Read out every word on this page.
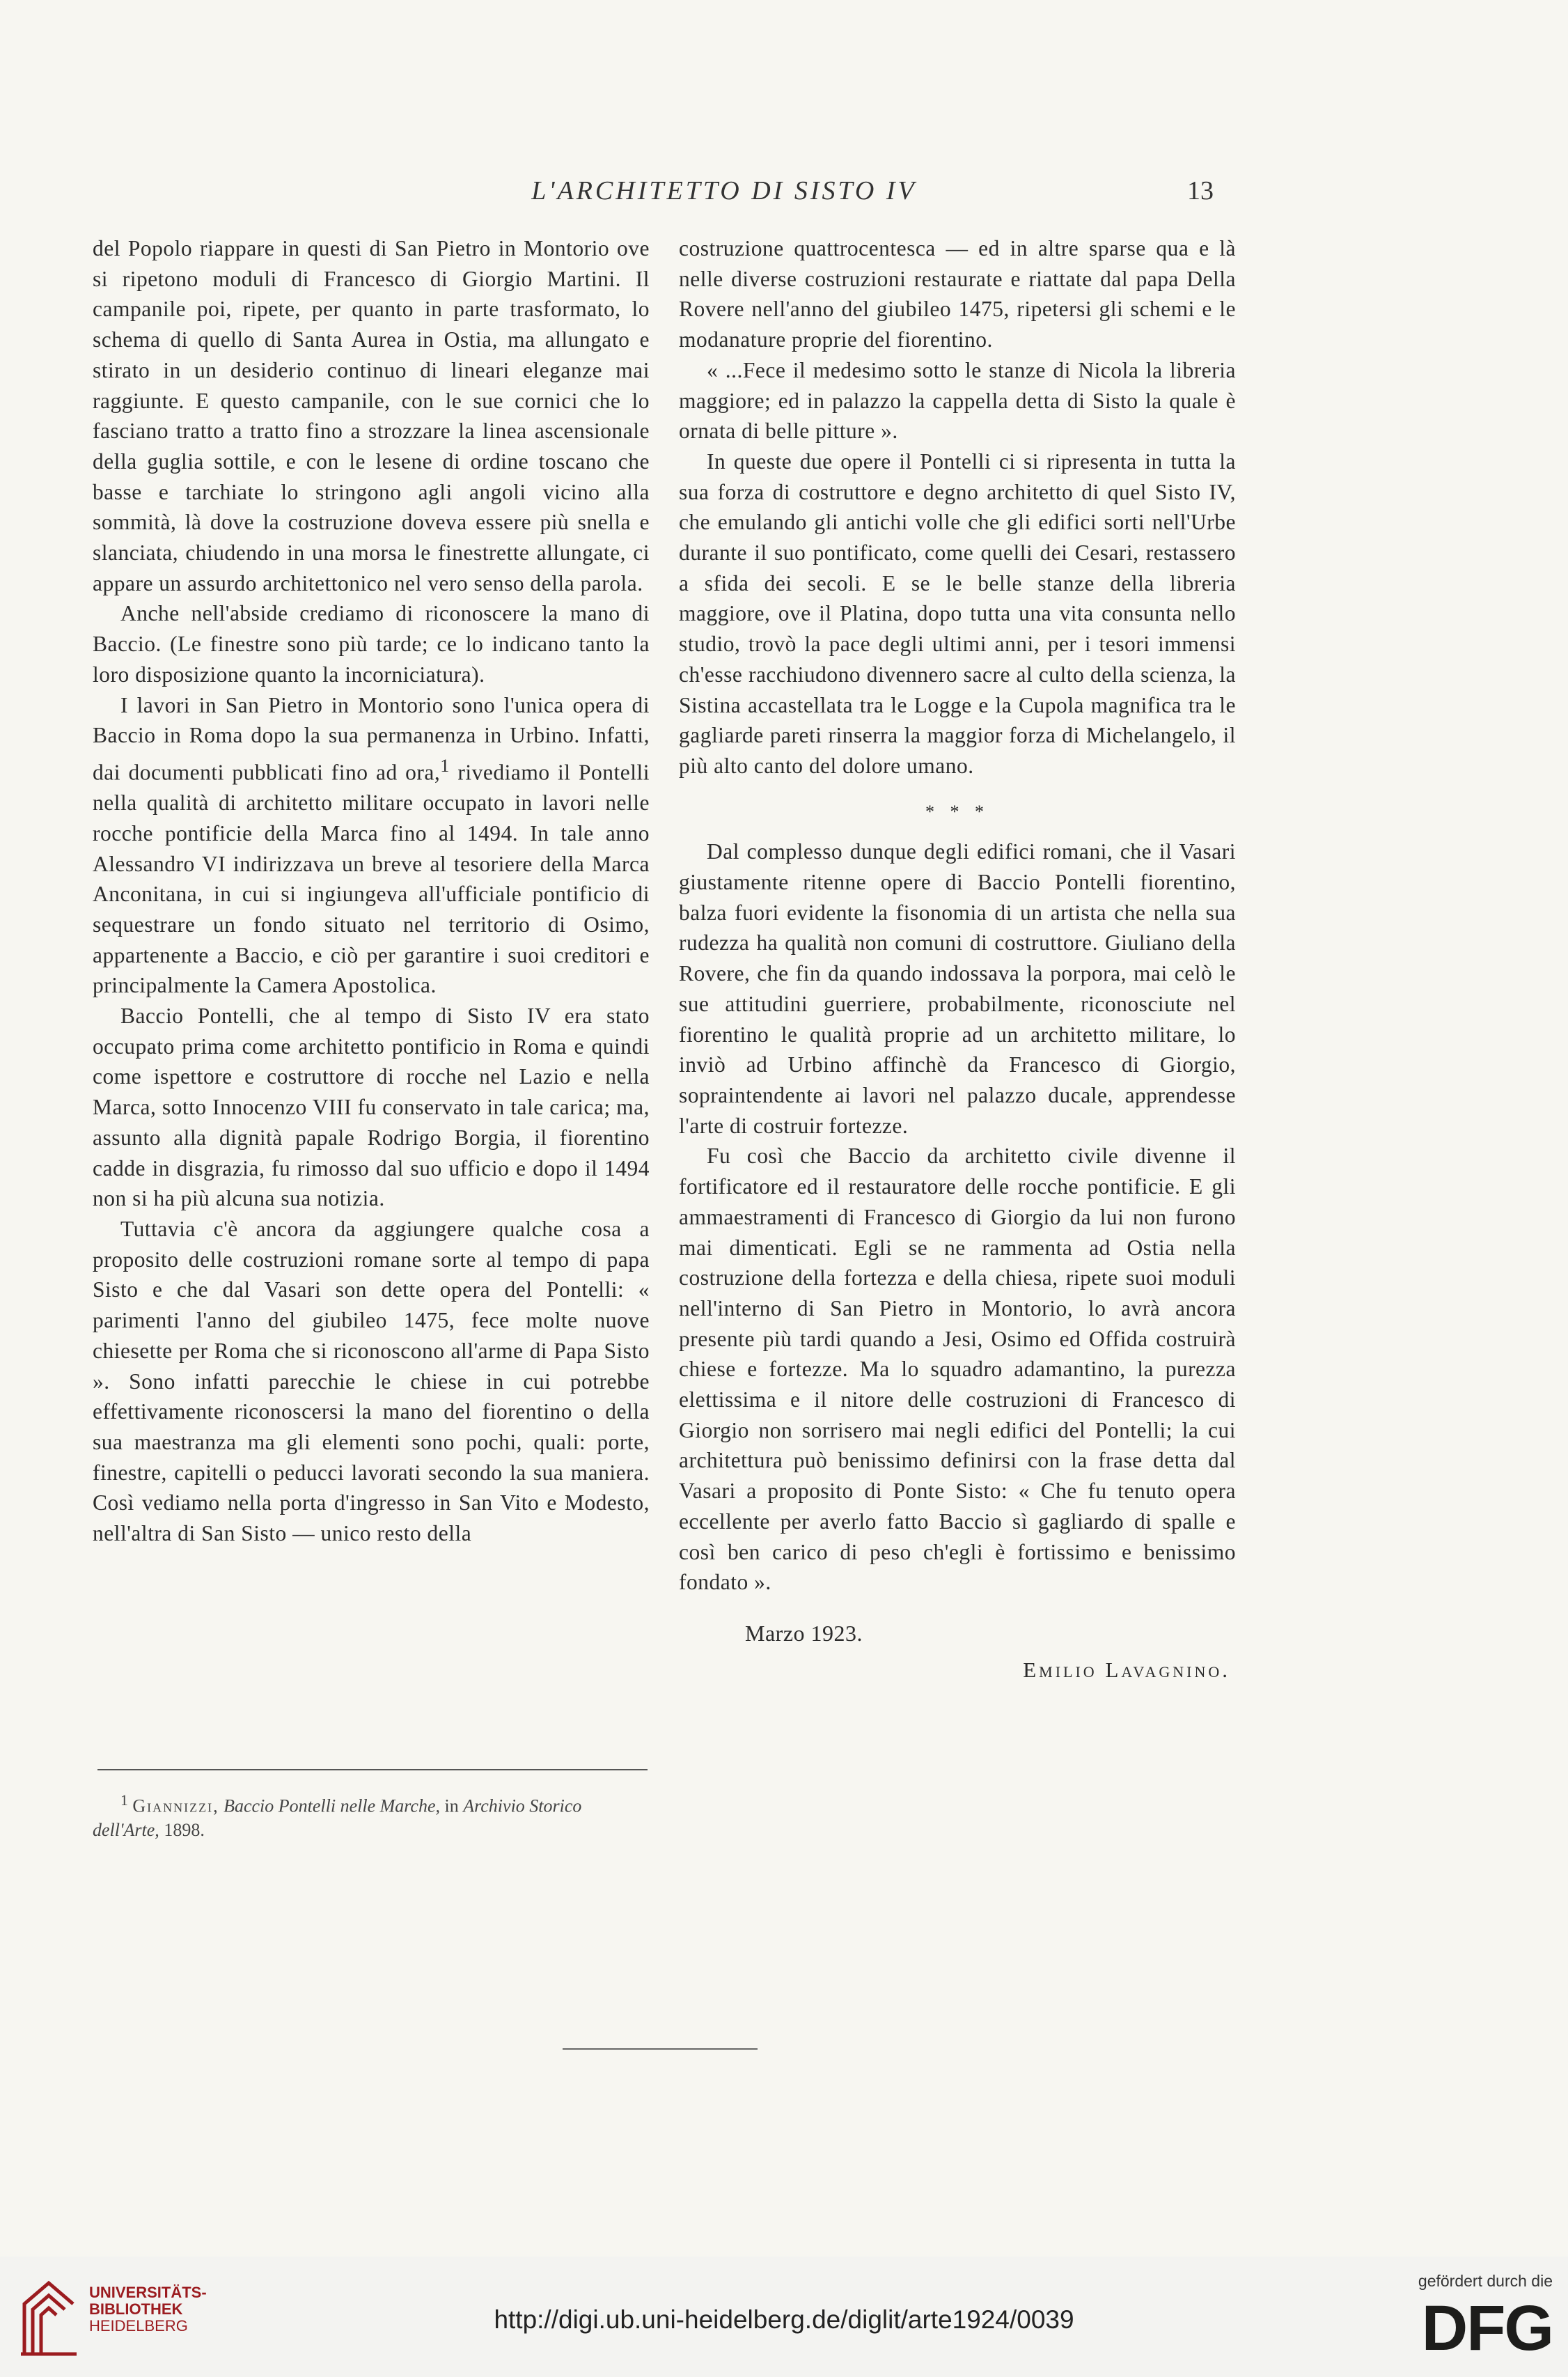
L'ARCHITETTO DI SISTO IV	13

del Popolo riappare in questi di San Pietro in Montorio ove si ripetono moduli di Francesco di Giorgio Martini. Il campanile poi, ripete, per quanto in parte trasformato, lo schema di quello di Santa Aurea in Ostia, ma allungato e stirato in un desiderio continuo di lineari eleganze mai raggiunte. E questo campanile, con le sue cornici che lo fasciano tratto a tratto fino a strozzare la linea ascensionale della guglia sottile, e con le lesene di ordine toscano che basse e tarchiate lo stringono agli angoli vicino alla sommità, là dove la costruzione doveva essere più snella e slanciata, chiudendo in una morsa le finestrette allungate, ci appare un assurdo architettonico nel vero senso della parola.

Anche nell'abside crediamo di riconoscere la mano di Baccio. (Le finestre sono più tarde; ce lo indicano tanto la loro disposizione quanto la incorniciatura).

I lavori in San Pietro in Montorio sono l'unica opera di Baccio in Roma dopo la sua permanenza in Urbino. Infatti, dai documenti pubblicati fino ad ora,$^1$ rivediamo il Pontelli nella qualità di architetto militare occupato in lavori nelle rocche pontificie della Marca fino al 1494. In tale anno Alessandro VI indirizzava un breve al tesoriere della Marca Anconitana, in cui si ingiungeva all'ufficiale pontificio di sequestrare un fondo situato nel territorio di Osimo, appartenente a Baccio, e ciò per garantire i suoi creditori e principalmente la Camera Apostolica.

Baccio Pontelli, che al tempo di Sisto IV era stato occupato prima come architetto pontificio in Roma e quindi come ispettore e costruttore di rocche nel Lazio e nella Marca, sotto Innocenzo VIII fu conservato in tale carica; ma, assunto alla dignità papale Rodrigo Borgia, il fiorentino cadde in disgrazia, fu rimosso dal suo ufficio e dopo il 1494 non si ha più alcuna sua notizia.

Tuttavia c'è ancora da aggiungere qualche cosa a proposito delle costruzioni romane sorte al tempo di papa Sisto e che dal Vasari son dette opera del Pontelli: « parimenti l'anno del giubileo 1475, fece molte nuove chiesette per Roma che si riconoscono all'arme di Papa Sisto ». Sono infatti parecchie le chiese in cui potrebbe effettivamente riconoscersi la mano del fiorentino o della sua maestranza ma gli elementi sono pochi, quali: porte, finestre, capitelli o peducci lavorati secondo la sua maniera. Così vediamo nella porta d'ingresso in San Vito e Modesto, nell'altra di San Sisto — unico resto della

$^1$ Giannizzi, Baccio Pontelli nelle Marche, in Archivio Storico dell'Arte, 1898.

costruzione quattrocentesca — ed in altre sparse qua e là nelle diverse costruzioni restaurate e riattate dal papa Della Rovere nell'anno del giubileo 1475, ripetersi gli schemi e le modanature proprie del fiorentino.

« ...Fece il medesimo sotto le stanze di Nicola la libreria maggiore; ed in palazzo la cappella detta di Sisto la quale è ornata di belle pitture ».

In queste due opere il Pontelli ci si ripresenta in tutta la sua forza di costruttore e degno architetto di quel Sisto IV, che emulando gli antichi volle che gli edifici sorti nell'Urbe durante il suo pontificato, come quelli dei Cesari, restassero a sfida dei secoli. E se le belle stanze della libreria maggiore, ove il Platina, dopo tutta una vita consunta nello studio, trovò la pace degli ultimi anni, per i tesori immensi ch'esse racchiudono divennero sacre al culto della scienza, la Sistina accastellata tra le Logge e la Cupola magnifica tra le gagliarde pareti rinserra la maggior forza di Michelangelo, il più alto canto del dolore umano.

* * *

Dal complesso dunque degli edifici romani, che il Vasari giustamente ritenne opere di Baccio Pontelli fiorentino, balza fuori evidente la fisonomia di un artista che nella sua rudezza ha qualità non comuni di costruttore. Giuliano della Rovere, che fin da quando indossava la porpora, mai celò le sue attitudini guerriere, probabilmente, riconosciute nel fiorentino le qualità proprie ad un architetto militare, lo inviò ad Urbino affinchè da Francesco di Giorgio, sopraintendente ai lavori nel palazzo ducale, apprendesse l'arte di costruir fortezze.

Fu così che Baccio da architetto civile divenne il fortificatore ed il restauratore delle rocche pontificie. E gli ammaestramenti di Francesco di Giorgio da lui non furono mai dimenticati. Egli se ne rammenta ad Ostia nella costruzione della fortezza e della chiesa, ripete suoi moduli nell'interno di San Pietro in Montorio, lo avrà ancora presente più tardi quando a Jesi, Osimo ed Offida costruirà chiese e fortezze. Ma lo squadro adamantino, la purezza elettissima e il nitore delle costruzioni di Francesco di Giorgio non sorrisero mai negli edifici del Pontelli; la cui architettura può benissimo definirsi con la frase detta dal Vasari a proposito di Ponte Sisto: « Che fu tenuto opera eccellente per averlo fatto Baccio sì gagliardo di spalle e così ben carico di peso ch'egli è fortissimo e benissimo fondato ».

Marzo 1923.
Emilio Lavagnino.
UNIVERSITÄTS-
BIBLIOTHEK
HEIDELBERG	http://digi.ub.uni-heidelberg.de/diglit/arte1924/0039
gefördert durch die
DFG
